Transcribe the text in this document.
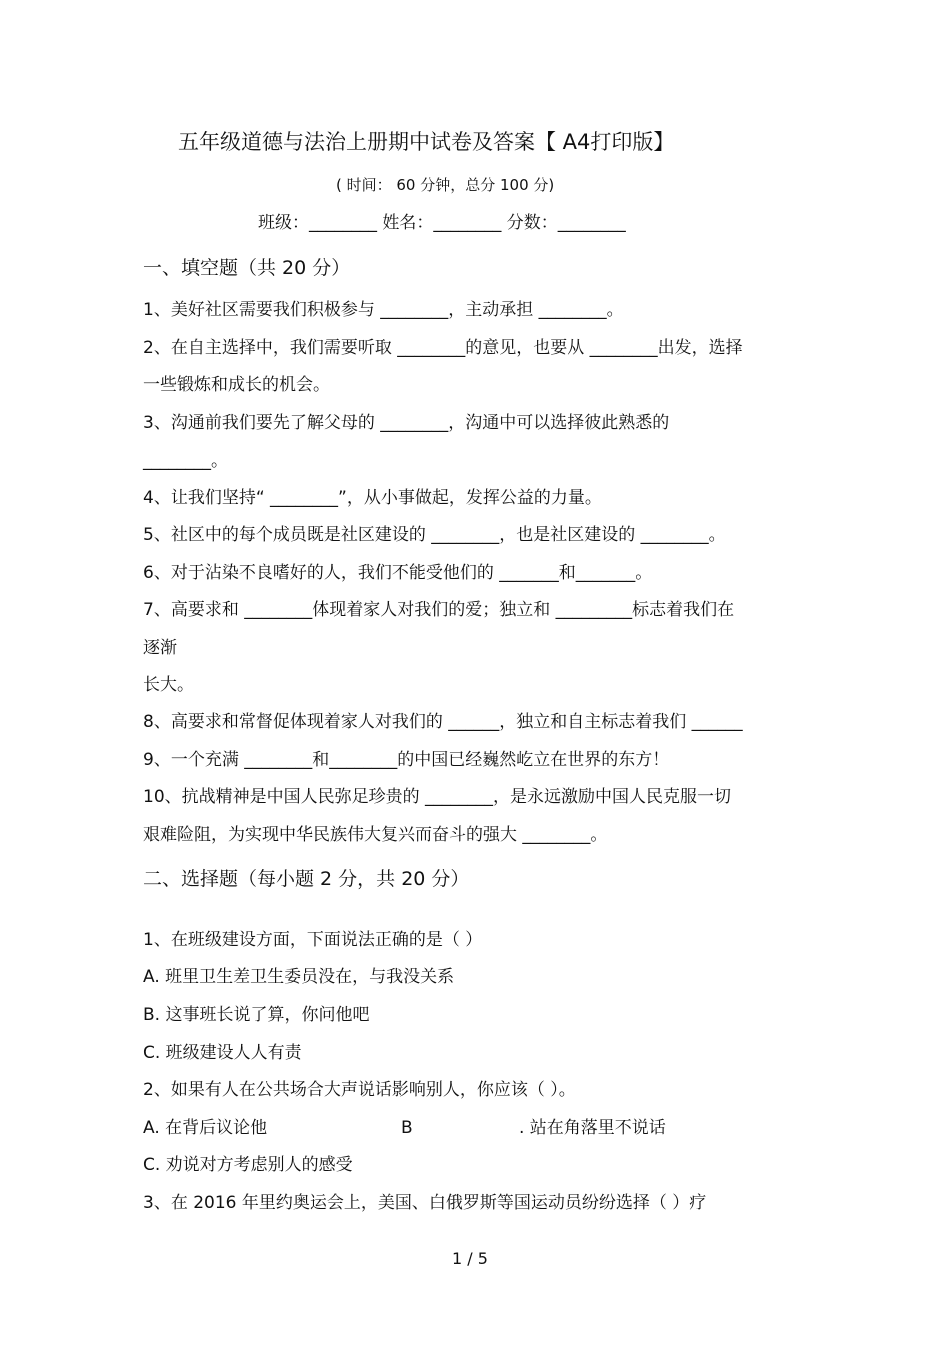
五年级道德与法治上册期中试卷及答案【 A4打印版】
( 时间： 60 分钟，总分 100 分)
班级：________ 姓名：________ 分数：________
一、填空题（共 20 分）
1、美好社区需要我们积极参与 ________，主动承担 ________。
2、在自主选择中，我们需要听取 ________的意见，也要从 ________出发，选择
一些锻炼和成长的机会。
3、沟通前我们要先了解父母的 ________，沟通中可以选择彼此熟悉的
________。
4、让我们坚持“ ________”，从小事做起，发挥公益的力量。
5、社区中的每个成员既是社区建设的 ________，也是社区建设的 ________。
6、对于沾染不良嗜好的人，我们不能受他们的 _______和_______。
7、高要求和 ________体现着家人对我们的爱；独立和 _________标志着我们在
逐渐
长大。
8、高要求和常督促体现着家人对我们的 ______，独立和自主标志着我们 ______
9、一个充满 ________和________的中国已经巍然屹立在世界的东方！
10、抗战精神是中国人民弥足珍贵的 ________，是永远激励中国人民克服一切
艰难险阻，为实现中华民族伟大复兴而奋斗的强大 ________。
二、选择题（每小题 2 分，共 20 分）
1、在班级建设方面，下面说法正确的是（ ）
A. 班里卫生差卫生委员没在，与我没关系
B. 这事班长说了算，你问他吧
C. 班级建设人人有责
2、如果有人在公共场合大声说话影响别人，你应该（ ）。
A. 在背后议论他	B	. 站在角落里不说话
C. 劝说对方考虑别人的感受
3、在 2016 年里约奥运会上，美国、白俄罗斯等国运动员纷纷选择（ ）疗
1 / 5
